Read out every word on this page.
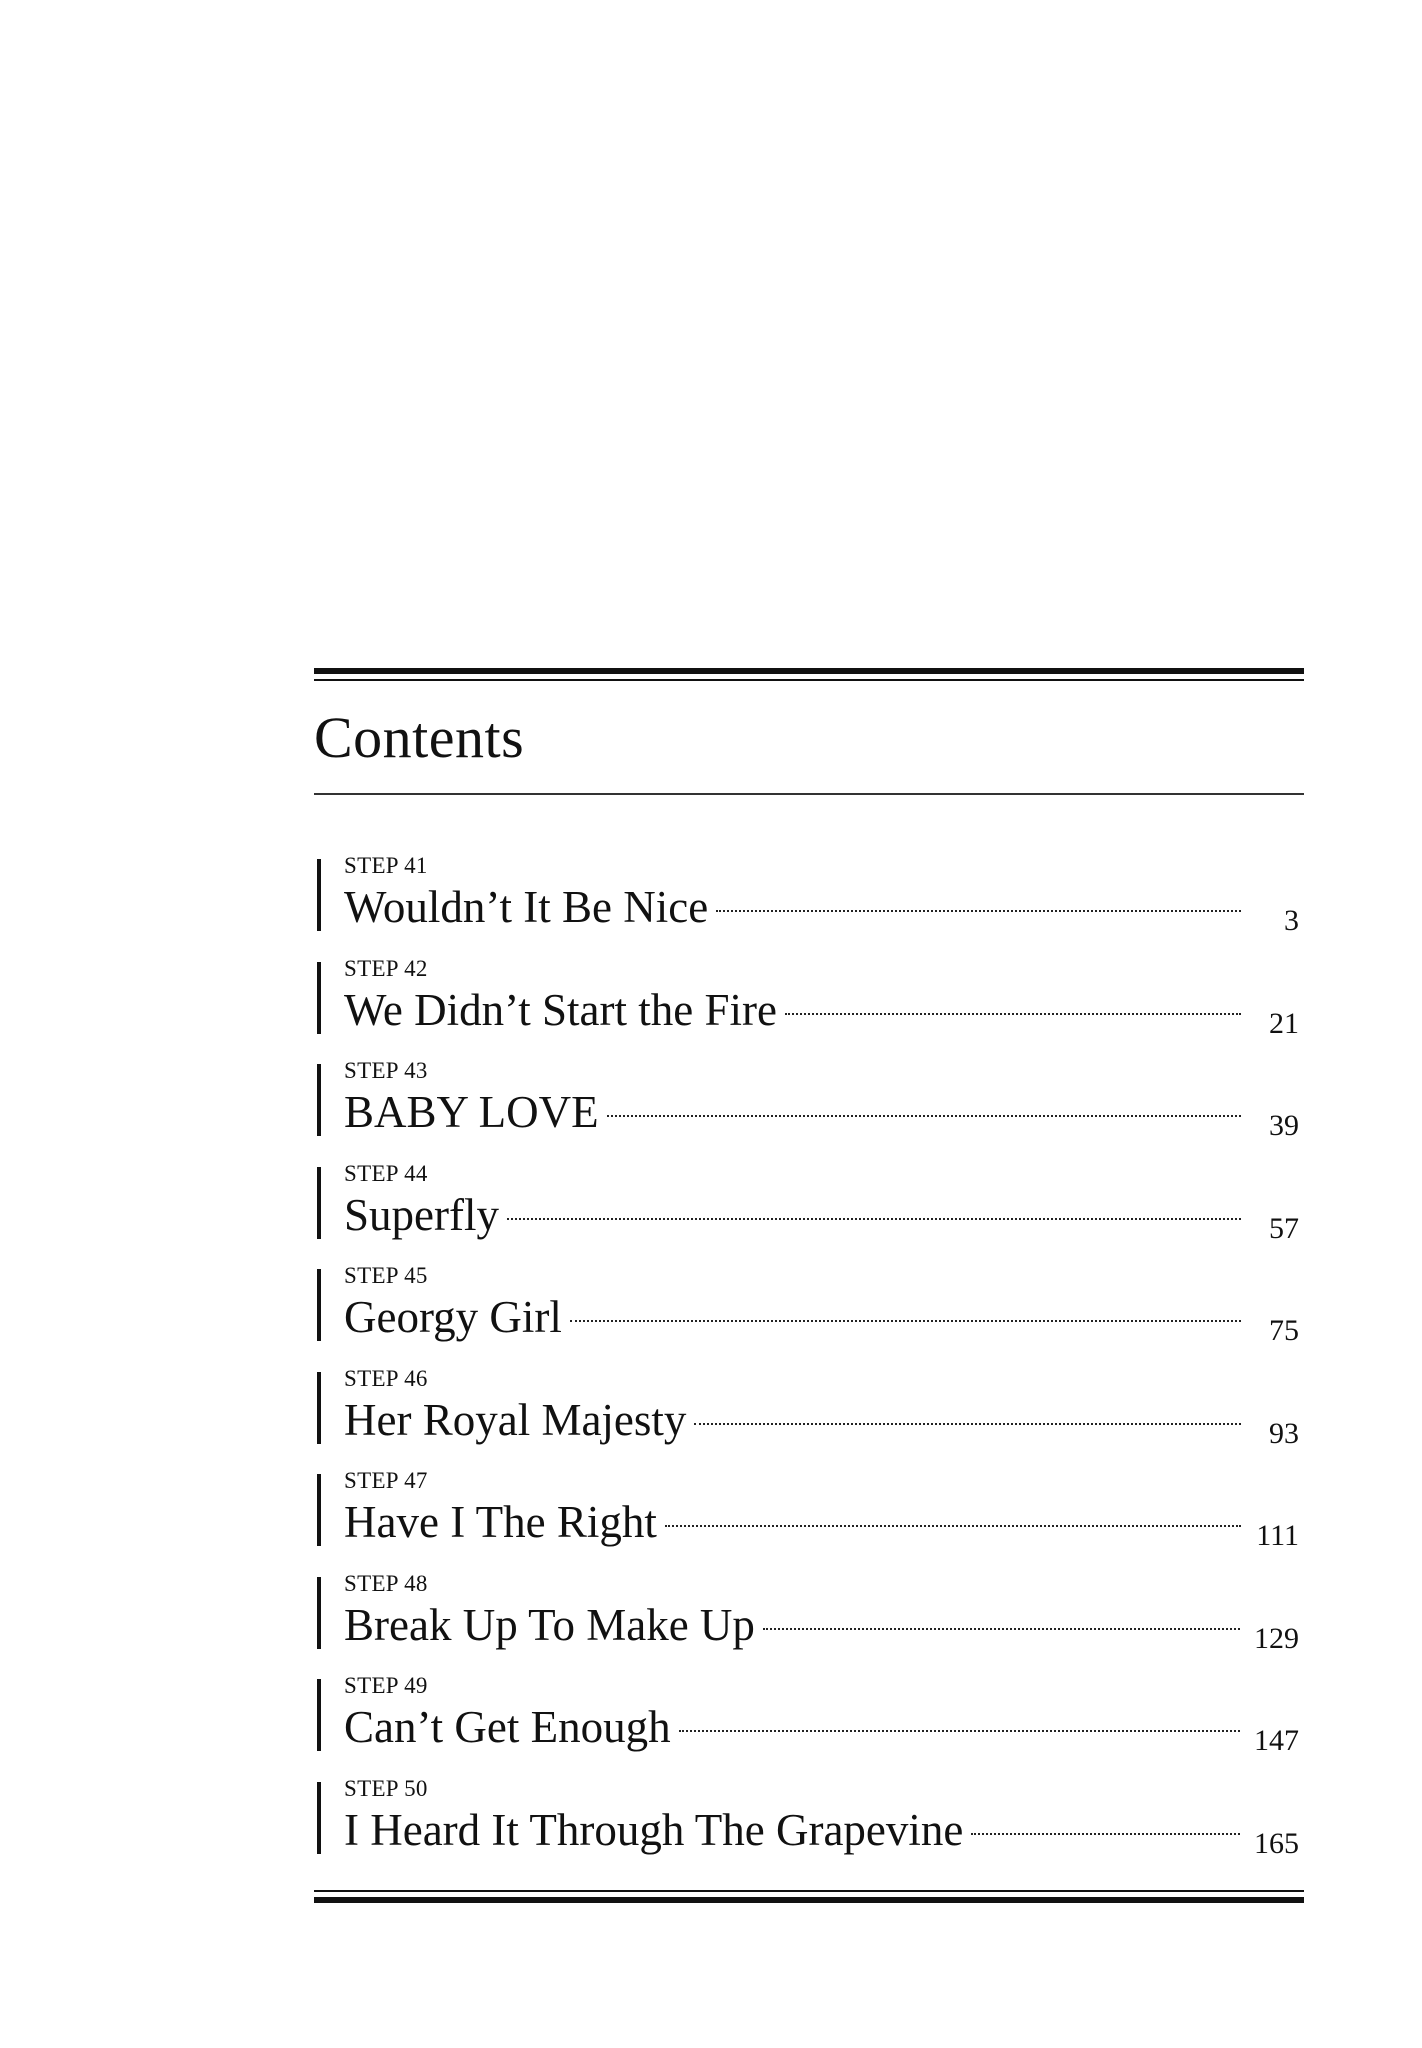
Contents
STEP 41
Wouldn’t It Be Nice	3
STEP 42
We Didn’t Start the Fire	21
STEP 43
BABY LOVE	39
STEP 44
Superfly	57
STEP 45
Georgy Girl	75
STEP 46
Her Royal Majesty	93
STEP 47
Have I The Right	111
STEP 48
Break Up To Make Up	129
STEP 49
Can’t Get Enough	147
STEP 50
I Heard It Through The Grapevine	165
